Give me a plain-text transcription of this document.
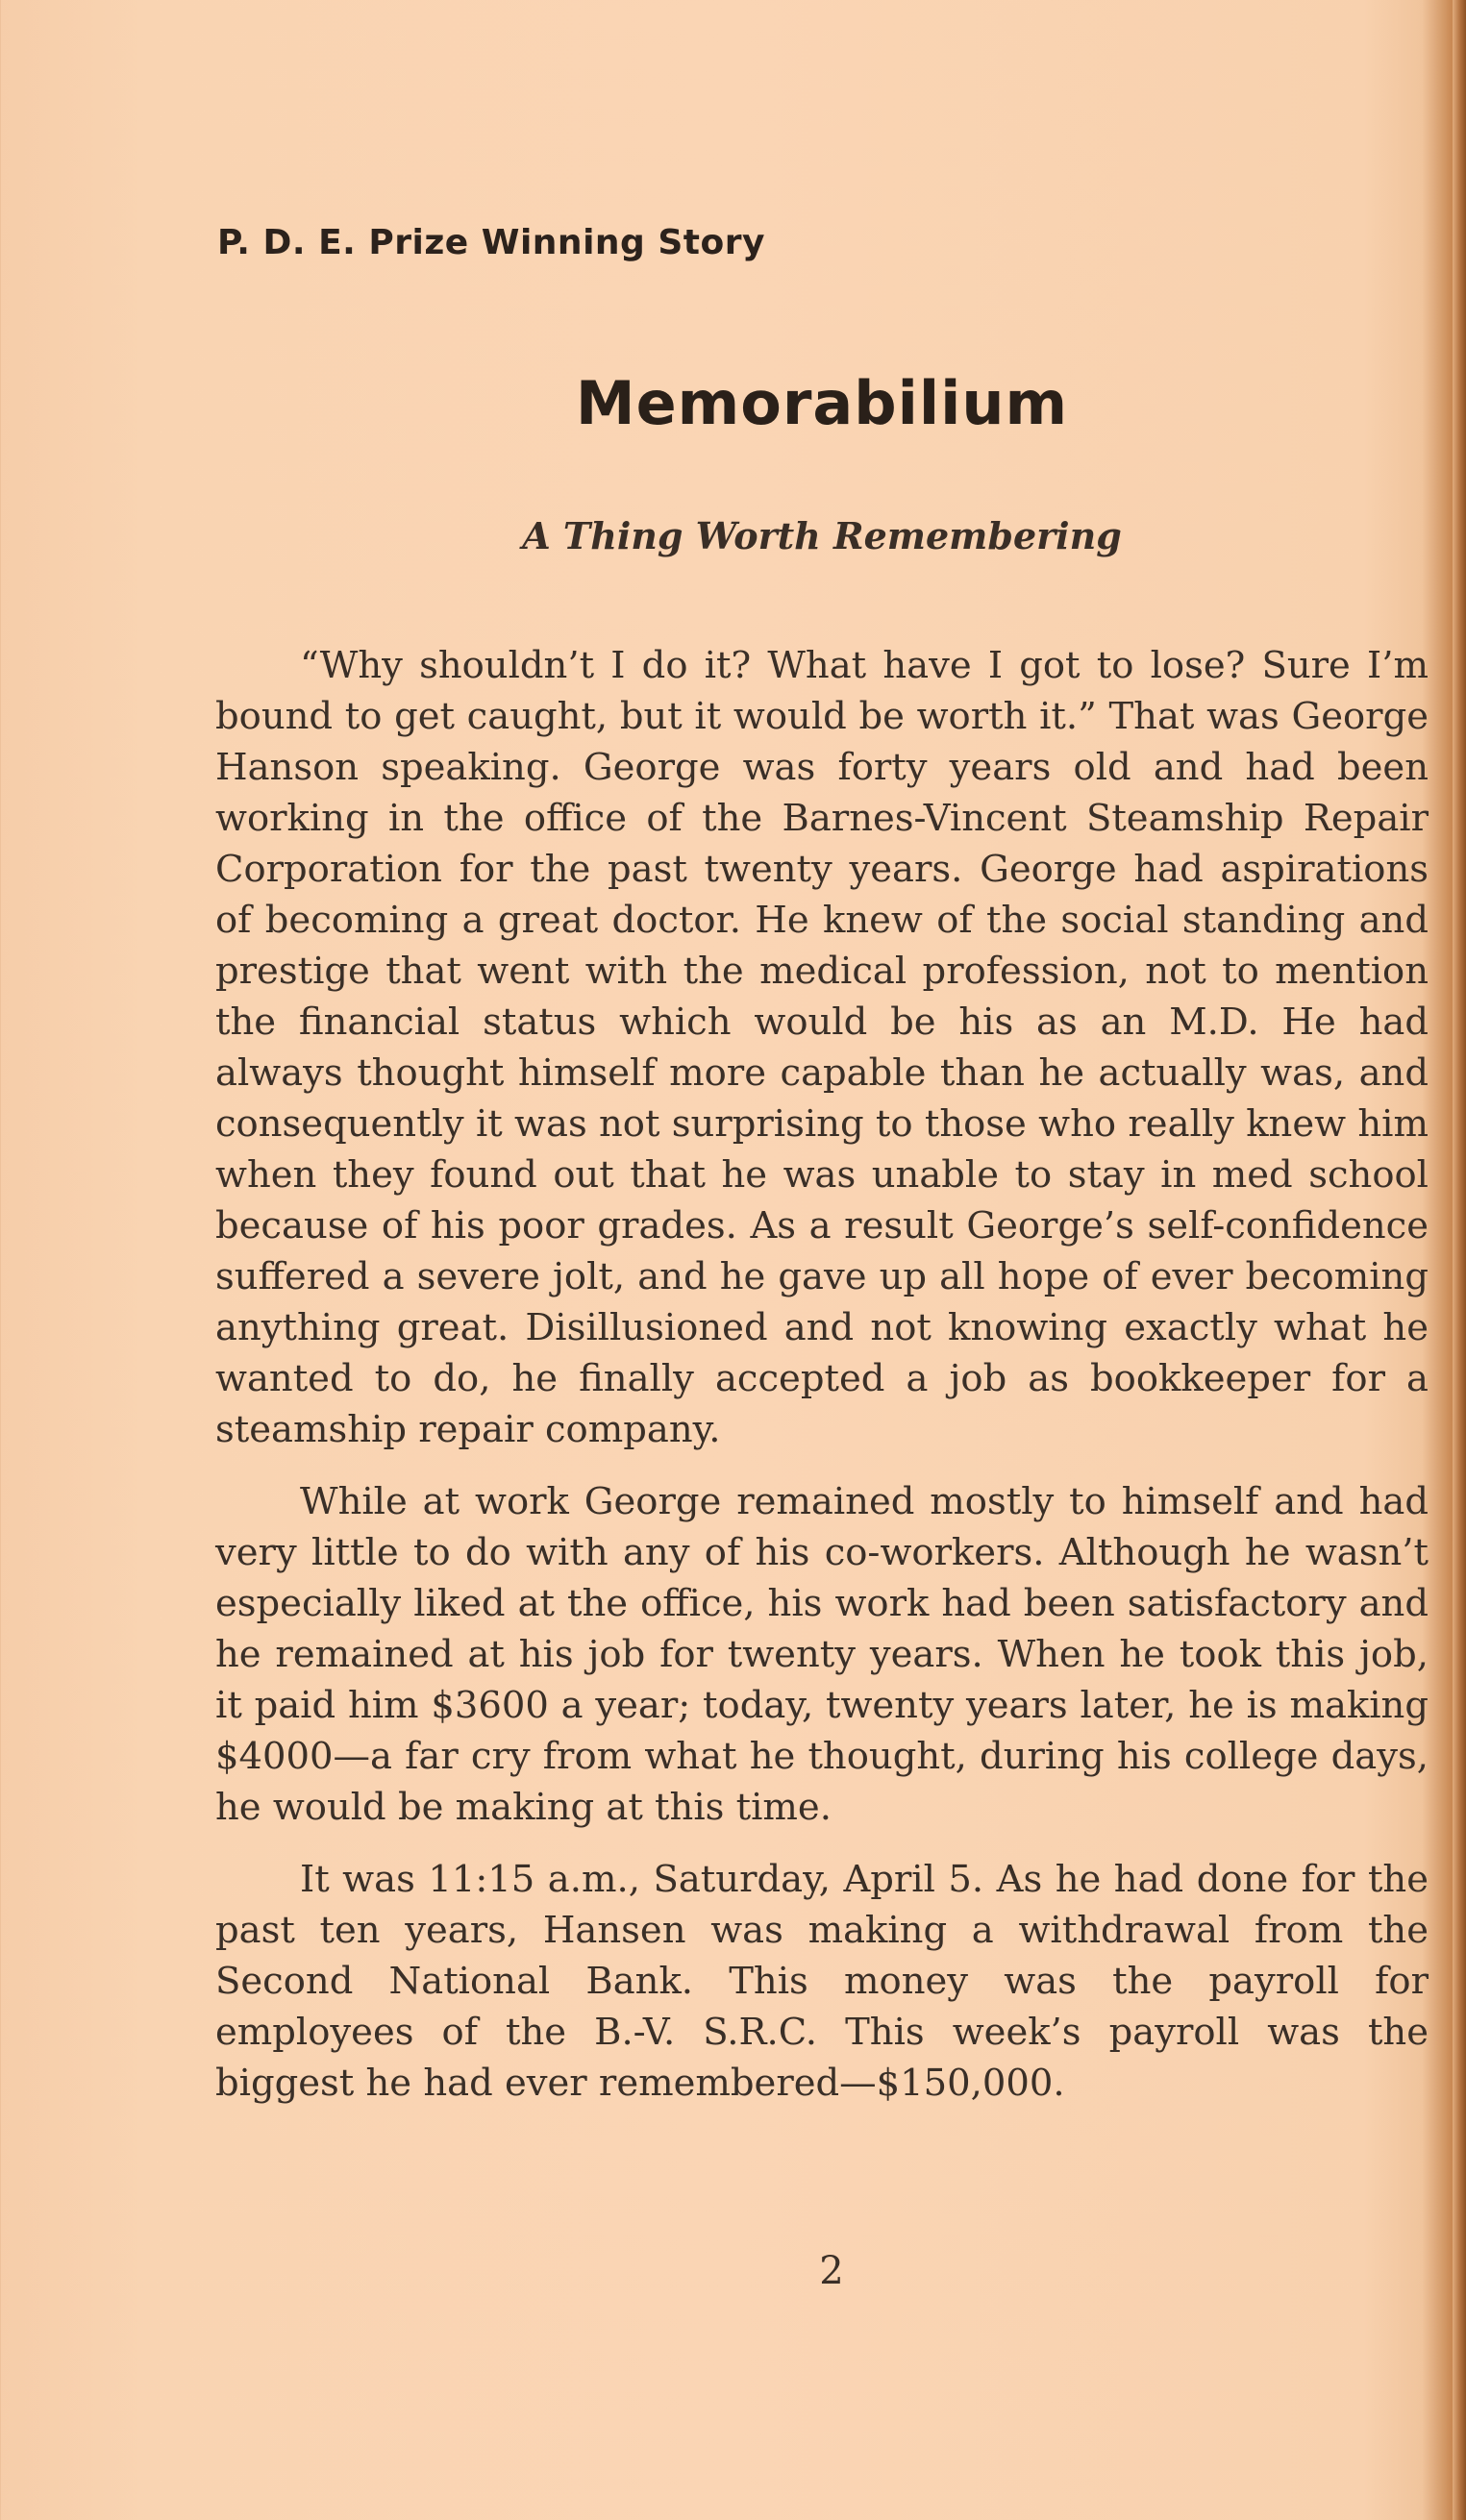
P. D. E. Prize Winning Story
Memorabilium
A Thing Worth Remembering

“Why shouldn’t I do it? What have I got to lose? Sure I’m bound to get caught, but it would be worth it.” That was George Hanson speaking. George was forty years old and had been working in the office of the Barnes-Vincent Steamship Repair Corporation for the past twenty years. George had aspirations of becoming a great doctor. He knew of the social standing and prestige that went with the medical profession, not to mention the financial status which would be his as an M.D. He had always thought himself more capable than he actually was, and consequently it was not surprising to those who really knew him when they found out that he was unable to stay in med school because of his poor grades. As a result George’s self-confidence suffered a severe jolt, and he gave up all hope of ever becoming anything great. Disillusioned and not knowing exactly what he wanted to do, he finally accepted a job as bookkeeper for a steamship repair company.

While at work George remained mostly to himself and had very little to do with any of his co-workers. Although he wasn’t especially liked at the office, his work had been satisfactory and he remained at his job for twenty years. When he took this job, it paid him $3600 a year; today, twenty years later, he is making $4000—a far cry from what he thought, during his college days, he would be making at this time.

It was 11:15 a.m., Saturday, April 5. As he had done for the past ten years, Hansen was making a withdrawal from the Second National Bank. This money was the payroll for employees of the B.-V. S.R.C. This week’s payroll was the biggest he had ever remembered—$150,000.

2
